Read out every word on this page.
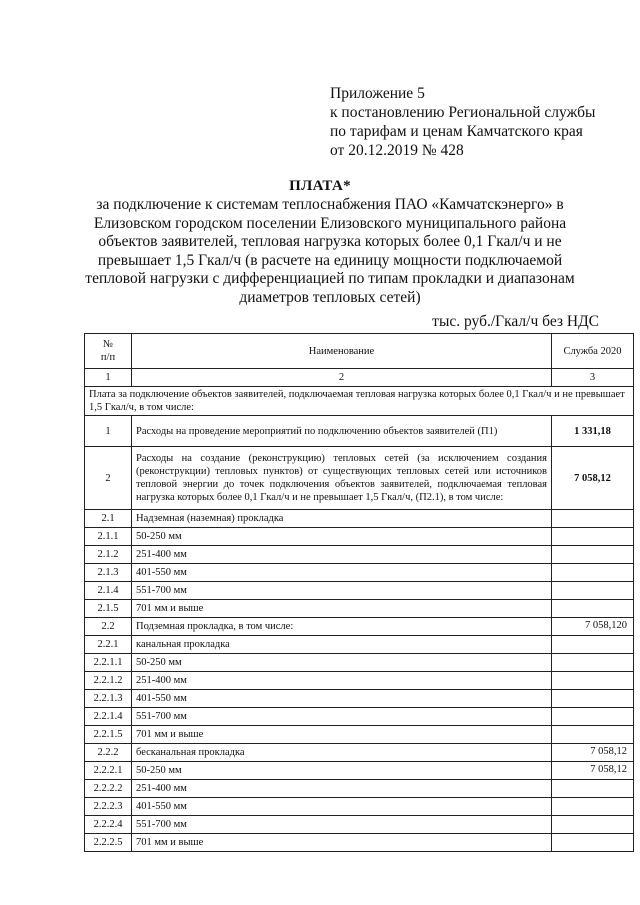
Приложение 5
к постановлению Региональной службы
по тарифам и ценам Камчатского края
от 20.12.2019 № 428
ПЛАТА*
за подключение к системам теплоснабжения ПАО «Камчатскэнерго» в
Елизовском городском поселении Елизовского муниципального района
объектов заявителей, тепловая нагрузка которых более 0,1 Гкал/ч и не
превышает 1,5 Гкал/ч (в расчете на единицу мощности подключаемой
тепловой нагрузки с дифференциацией по типам прокладки и диапазонам
диаметров тепловых сетей)
тыс. руб./Гкал/ч без НДС
№
п/п	Наименование	Служба 2020
1	2	3
Плата за подключение объектов заявителей, подключаемая тепловая нагрузка которых более 0,1 Гкал/ч и не превышает 1,5 Гкал/ч, в том числе:		
1	Расходы на проведение мероприятий по подключению объектов заявителей (П1)	1 331,18
2	Расходы на создание (реконструкцию) тепловых сетей (за исключением создания (реконструкции) тепловых пунктов) от существующих тепловых сетей или источников тепловой энергии до точек подключения объектов заявителей, подключаемая тепловая нагрузка которых более 0,1 Гкал/ч и не превышает 1,5 Гкал/ч, (П2.1), в том числе:	7 058,12
2.1	Надземная (наземная) прокладка	
2.1.1	50-250 мм	
2.1.2	251-400 мм	
2.1.3	401-550 мм	
2.1.4	551-700 мм	
2.1.5	701 мм и выше	
2.2	Подземная прокладка, в том числе:	7 058,120
2.2.1	канальная прокладка	
2.2.1.1	50-250 мм	
2.2.1.2	251-400 мм	
2.2.1.3	401-550 мм	
2.2.1.4	551-700 мм	
2.2.1.5	701 мм и выше	
2.2.2	бесканальная прокладка	7 058,12
2.2.2.1	50-250 мм	7 058,12
2.2.2.2	251-400 мм	
2.2.2.3	401-550 мм	
2.2.2.4	551-700 мм	
2.2.2.5	701 мм и выше	
